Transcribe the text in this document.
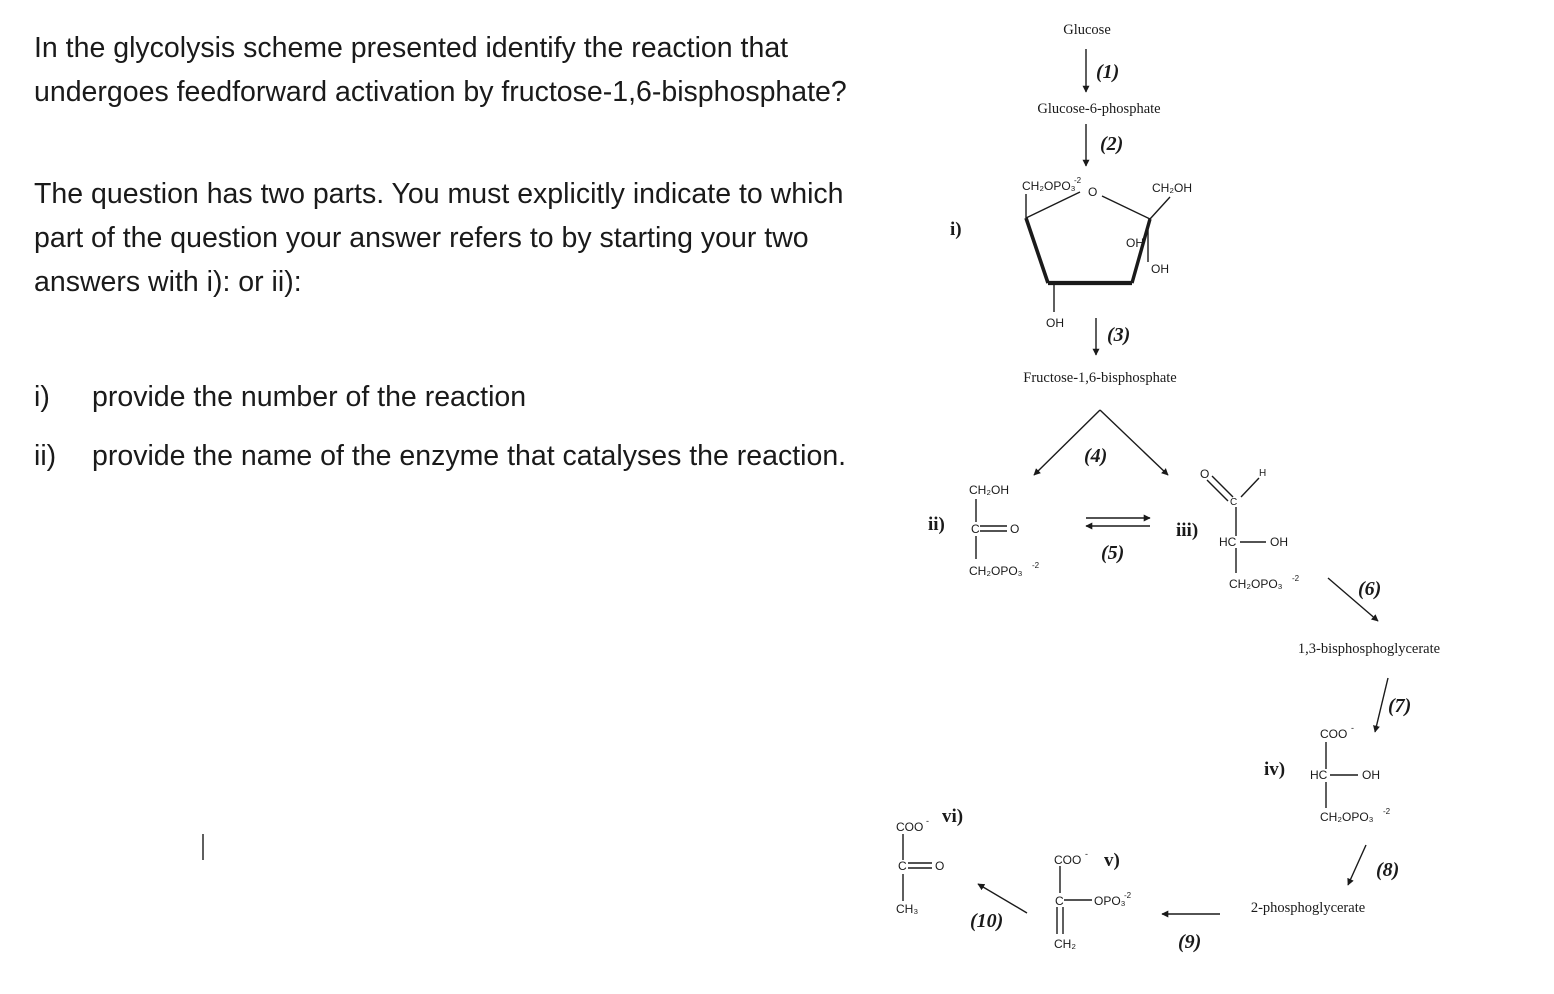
In the glycolysis scheme presented identify the reaction that undergoes feedforward activation by fructose-1,6-bisphosphate?

The question has two parts. You must explicitly indicate to which part of the question your answer refers to by starting your two answers with i): or ii):

i) provide the number of the reaction
ii) provide the name of the enzyme that catalyses the reaction.
Glucose
Glucose-6-phosphate
Fructose-1,6-bisphosphate
1,3-bisphosphoglycerate
2-phosphoglycerate
(1)
(2)
(3)
(4)
(5)
(6)
(7)
(8)
(9)
(10)
i)
ii)	iii)
iv)
v)
vi)
CH₂OPO₃
-2
O	CH₂OH
OH
OH
OH
CH₂OH
C	O
CH₂OPO₃ -2
O	H
C
HC	OH
CH₂OPO₃ -2
COO -
HC	OH
CH₂OPO₃ -2
COO -
C	OPO₃
-2
CH₂
COO -
C O
CH₃
